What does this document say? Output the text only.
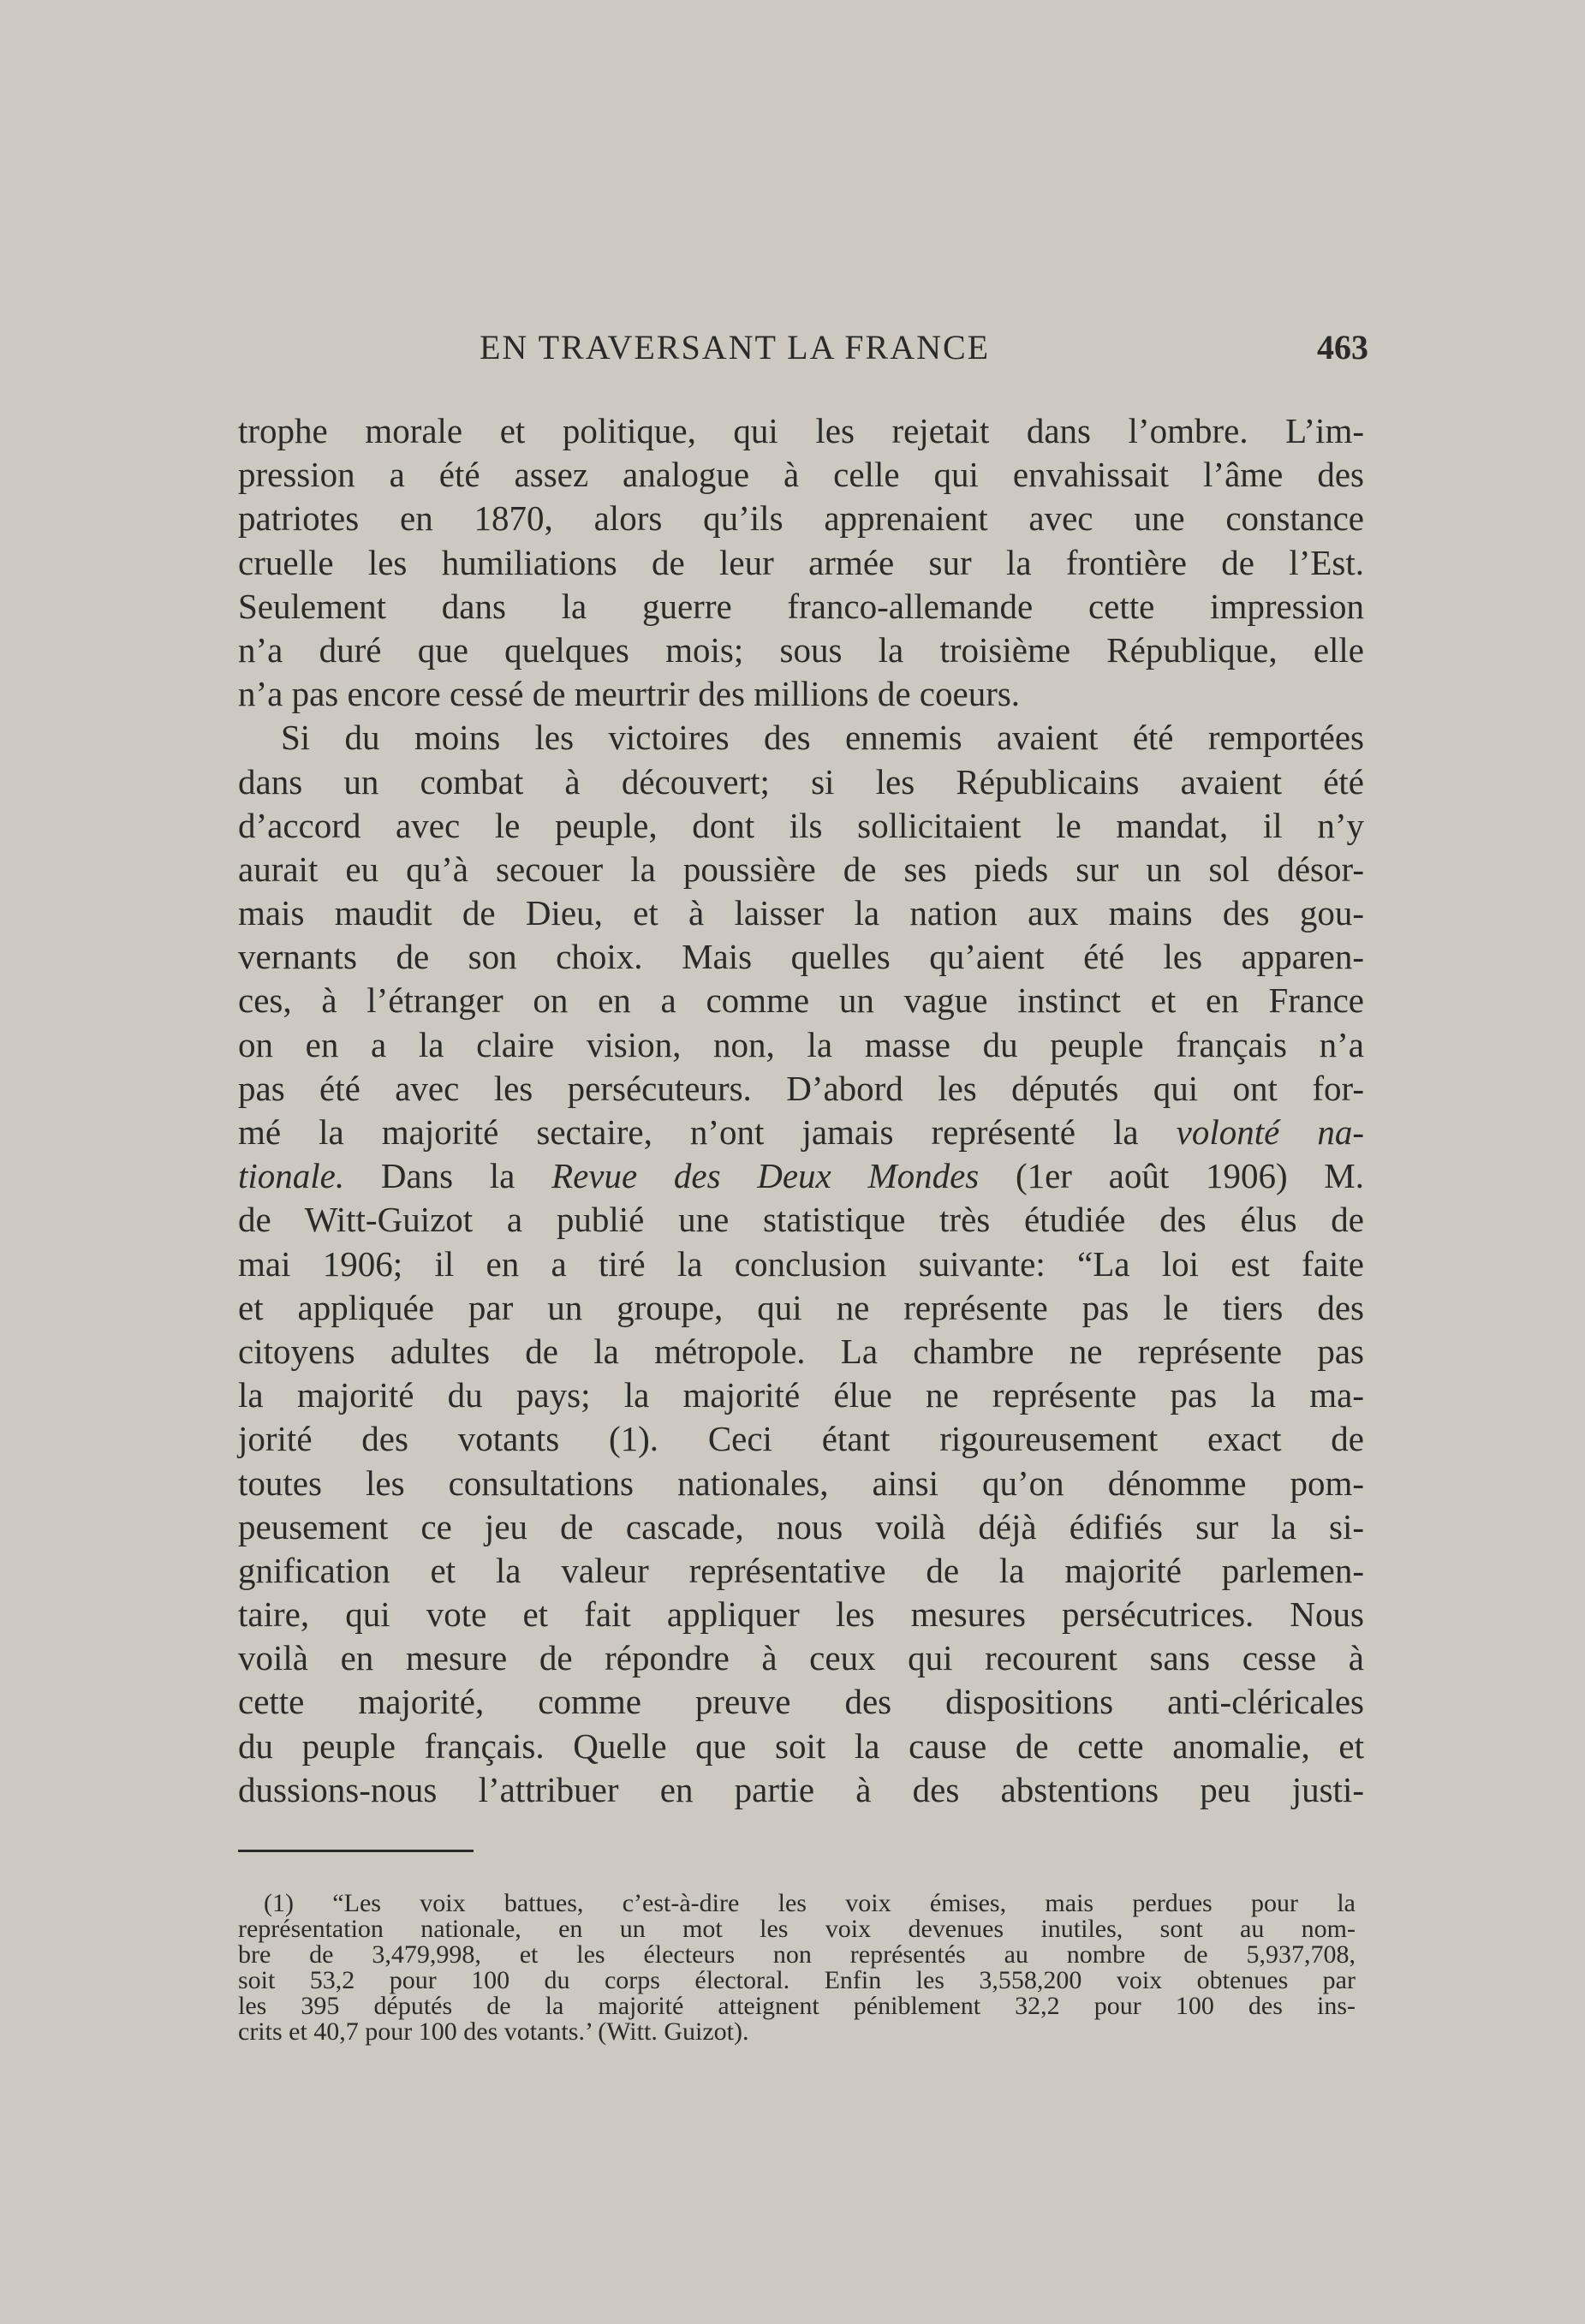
EN TRAVERSANT LA FRANCE	463
trophe morale et politique, qui les rejetait dans l’ombre. L’im-
pression a été assez analogue à celle qui envahissait l’âme des
patriotes en 1870, alors qu’ils apprenaient avec une constance
cruelle les humiliations de leur armée sur la frontière de l’Est.
Seulement dans la guerre franco-allemande cette impression
n’a duré que quelques mois; sous la troisième République, elle
n’a pas encore cessé de meurtrir des millions de coeurs.
Si du moins les victoires des ennemis avaient été remportées
dans un combat à découvert; si les Républicains avaient été
d’accord avec le peuple, dont ils sollicitaient le mandat, il n’y
aurait eu qu’à secouer la poussière de ses pieds sur un sol désor-
mais maudit de Dieu, et à laisser la nation aux mains des gou-
vernants de son choix. Mais quelles qu’aient été les apparen-
ces, à l’étranger on en a comme un vague instinct et en France
on en a la claire vision, non, la masse du peuple français n’a
pas été avec les persécuteurs. D’abord les députés qui ont for-
mé la majorité sectaire, n’ont jamais représenté la volonté na-
tionale. Dans la Revue des Deux Mondes (1er août 1906) M.
de Witt-Guizot a publié une statistique très étudiée des élus de
mai 1906; il en a tiré la conclusion suivante: “La loi est faite
et appliquée par un groupe, qui ne représente pas le tiers des
citoyens adultes de la métropole. La chambre ne représente pas
la majorité du pays; la majorité élue ne représente pas la ma-
jorité des votants (1). Ceci étant rigoureusement exact de
toutes les consultations nationales, ainsi qu’on dénomme pom-
peusement ce jeu de cascade, nous voilà déjà édifiés sur la si-
gnification et la valeur représentative de la majorité parlemen-
taire, qui vote et fait appliquer les mesures persécutrices. Nous
voilà en mesure de répondre à ceux qui recourent sans cesse à
cette majorité, comme preuve des dispositions anti-cléricales
du peuple français. Quelle que soit la cause de cette anomalie, et
dussions-nous l’attribuer en partie à des abstentions peu justi-
(1) “Les voix battues, c’est-à-dire les voix émises, mais perdues pour la
représentation nationale, en un mot les voix devenues inutiles, sont au nom-
bre de 3,479,998, et les électeurs non représentés au nombre de 5,937,708,
soit 53,2 pour 100 du corps électoral. Enfin les 3,558,200 voix obtenues par
les 395 députés de la majorité atteignent péniblement 32,2 pour 100 des ins-
crits et 40,7 pour 100 des votants.’ (Witt. Guizot).
